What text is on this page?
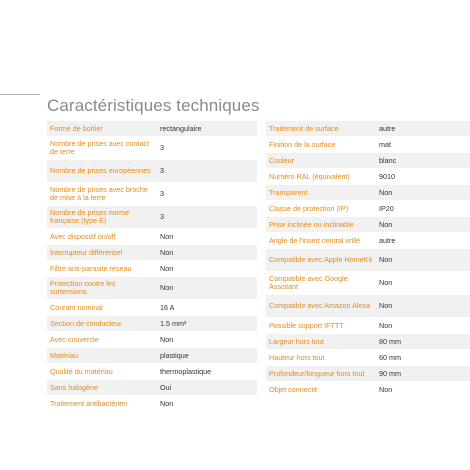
Caractéristiques techniques
Forme de boîtier	rectangulaire
Nombre de prises avec contact de terre	3
Nombre de prises européennes	3
Nombre de prises avec broche de mise à la terre	3
Nombre de prises norme française (type E)	3
Avec dispositif on/off	Non
Interrupteur différentiel	Non
Filtre anti-parasite réseau	Non
Protection contre les surtensions	Non
Courant nominal	16 A
Section de conducteur	1.5 mm²
Avec couvercle	Non
Matériau	plastique
Qualité du matériau	thermoplastique
Sans halogène	Oui
Traitement antibactérien	Non
Traitement de surface	autre
Finition de la surface	mat
Couleur	blanc
Numéro RAL (équivalent)	9010
Transparent	Non
Classe de protection (IP)	IP20
Prise inclinée ou inclinable	Non
Angle de l'insert central vrillé	autre
Compatible avec Apple HomeKit Non
Compatible avec Google Assistant	Non
Compatible avec Amazon Alexa	Non
Possible support IFTTT	Non
Largeur hors tout	80 mm
Hauteur hors tout	60 mm
Profondeur/longueur hors tout	90 mm
Objet connecté	Non
